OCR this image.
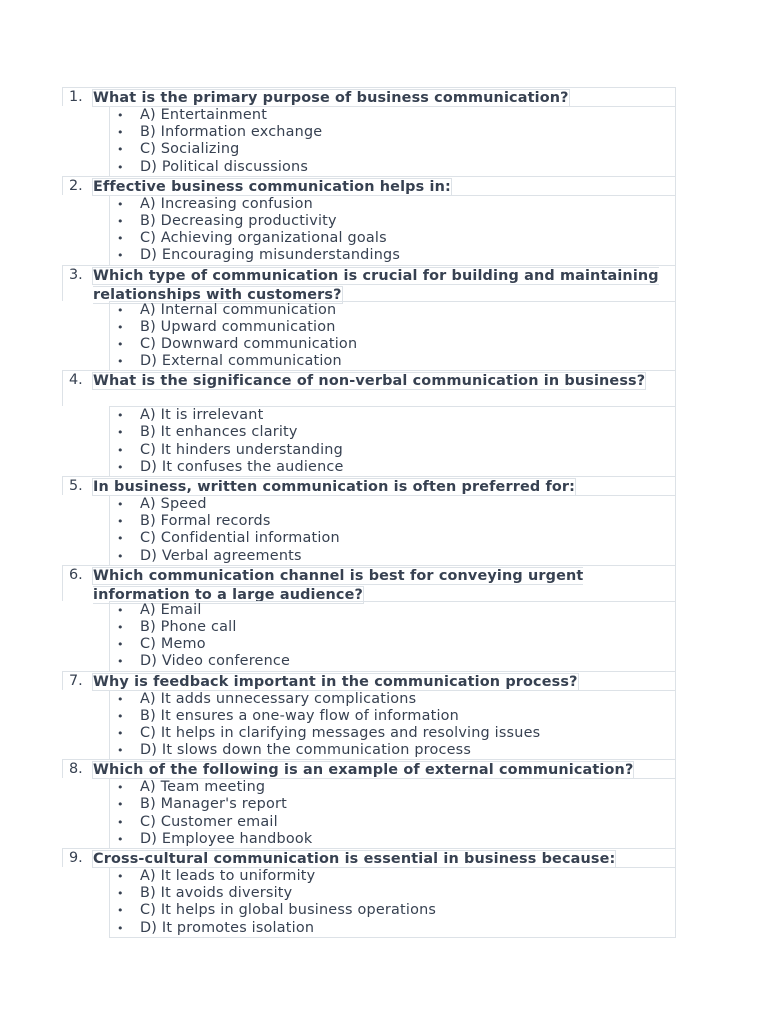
1. What is the primary purpose of business communication?
• A) Entertainment
• B) Information exchange
• C) Socializing
• D) Political discussions
2. Effective business communication helps in:
• A) Increasing confusion
• B) Decreasing productivity
• C) Achieving organizational goals
• D) Encouraging misunderstandings
3. Which type of communication is crucial for building and maintaining relationships with customers?
• A) Internal communication
• B) Upward communication
• C) Downward communication
• D) External communication
4. What is the significance of non-verbal communication in business?
• A) It is irrelevant
• B) It enhances clarity
• C) It hinders understanding
• D) It confuses the audience
5. In business, written communication is often preferred for:
• A) Speed
• B) Formal records
• C) Confidential information
• D) Verbal agreements
6. Which communication channel is best for conveying urgent information to a large audience?
• A) Email
• B) Phone call
• C) Memo
• D) Video conference
7. Why is feedback important in the communication process?
• A) It adds unnecessary complications
• B) It ensures a one-way flow of information
• C) It helps in clarifying messages and resolving issues
• D) It slows down the communication process
8. Which of the following is an example of external communication?
• A) Team meeting
• B) Manager's report
• C) Customer email
• D) Employee handbook
9. Cross-cultural communication is essential in business because:
• A) It leads to uniformity
• B) It avoids diversity
• C) It helps in global business operations
• D) It promotes isolation
